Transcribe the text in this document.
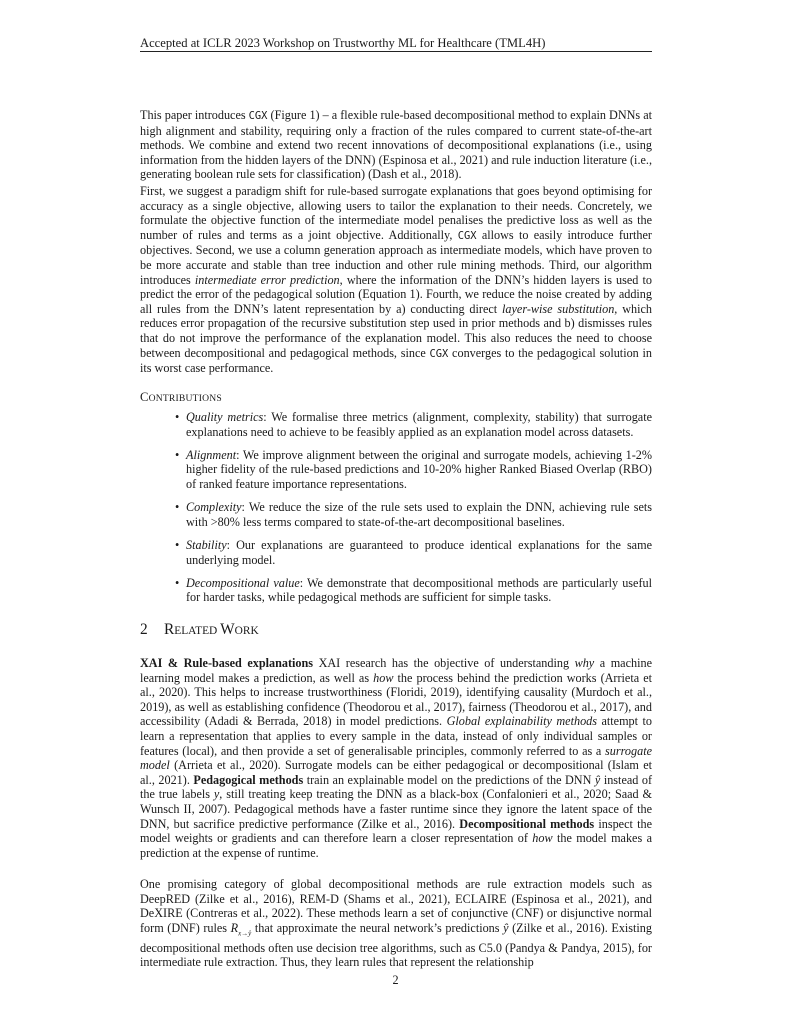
Accepted at ICLR 2023 Workshop on Trustworthy ML for Healthcare (TML4H)
This paper introduces CGX (Figure 1) – a flexible rule-based decompositional method to explain DNNs at high alignment and stability, requiring only a fraction of the rules compared to current state-of-the-art methods. We combine and extend two recent innovations of decompositional explanations (i.e., using information from the hidden layers of the DNN) (Espinosa et al., 2021) and rule induction literature (i.e., generating boolean rule sets for classification) (Dash et al., 2018).
First, we suggest a paradigm shift for rule-based surrogate explanations that goes beyond optimising for accuracy as a single objective, allowing users to tailor the explanation to their needs. Concretely, we formulate the objective function of the intermediate model penalises the predictive loss as well as the number of rules and terms as a joint objective. Additionally, CGX allows to easily introduce further objectives. Second, we use a column generation approach as intermediate models, which have proven to be more accurate and stable than tree induction and other rule mining methods. Third, our algorithm introduces intermediate error prediction, where the information of the DNN’s hidden layers is used to predict the error of the pedagogical solution (Equation 1). Fourth, we reduce the noise created by adding all rules from the DNN’s latent representation by a) conducting direct layer-wise substitution, which reduces error propagation of the recursive substitution step used in prior methods and b) dismisses rules that do not improve the performance of the explanation model. This also reduces the need to choose between decompositional and pedagogical methods, since CGX converges to the pedagogical solution in its worst case performance.
CONTRIBUTIONS
• Quality metrics: We formalise three metrics (alignment, complexity, stability) that surrogate explanations need to achieve to be feasibly applied as an explanation model across datasets.
• Alignment: We improve alignment between the original and surrogate models, achieving 1-2% higher fidelity of the rule-based predictions and 10-20% higher Ranked Biased Overlap (RBO) of ranked feature importance representations.
• Complexity: We reduce the size of the rule sets used to explain the DNN, achieving rule sets with >80% less terms compared to state-of-the-art decompositional baselines.
• Stability: Our explanations are guaranteed to produce identical explanations for the same underlying model.
• Decompositional value: We demonstrate that decompositional methods are particularly useful for harder tasks, while pedagogical methods are sufficient for simple tasks.
2 RELATED WORK
XAI & Rule-based explanations XAI research has the objective of understanding why a machine learning model makes a prediction, as well as how the process behind the prediction works (Arrieta et al., 2020). This helps to increase trustworthiness (Floridi, 2019), identifying causality (Murdoch et al., 2019), as well as establishing confidence (Theodorou et al., 2017), fairness (Theodorou et al., 2017), and accessibility (Adadi & Berrada, 2018) in model predictions. Global explainability methods attempt to learn a representation that applies to every sample in the data, instead of only individual samples or features (local), and then provide a set of generalisable principles, commonly referred to as a surrogate model (Arrieta et al., 2020). Surrogate models can be either pedagogical or decompositional (Islam et al., 2021). Pedagogical methods train an explainable model on the predictions of the DNN ŷ instead of the true labels y, still treating keep treating the DNN as a black-box (Confalonieri et al., 2020; Saad & Wunsch II, 2007). Pedagogical methods have a faster runtime since they ignore the latent space of the DNN, but sacrifice predictive performance (Zilke et al., 2016). Decompositional methods inspect the model weights or gradients and can therefore learn a closer representation of how the model makes a prediction at the expense of runtime.
One promising category of global decompositional methods are rule extraction models such as DeepRED (Zilke et al., 2016), REM-D (Shams et al., 2021), ECLAIRE (Espinosa et al., 2021), and DeXIRE (Contreras et al., 2022). These methods learn a set of conjunctive (CNF) or disjunctive normal form (DNF) rules $R_{x\to ŷ}$ that approximate the neural network’s predictions ŷ (Zilke et al., 2016). Existing decompositional methods often use decision tree algorithms, such as C5.0 (Pandya & Pandya, 2015), for intermediate rule extraction. Thus, they learn rules that represent the relationship
2
